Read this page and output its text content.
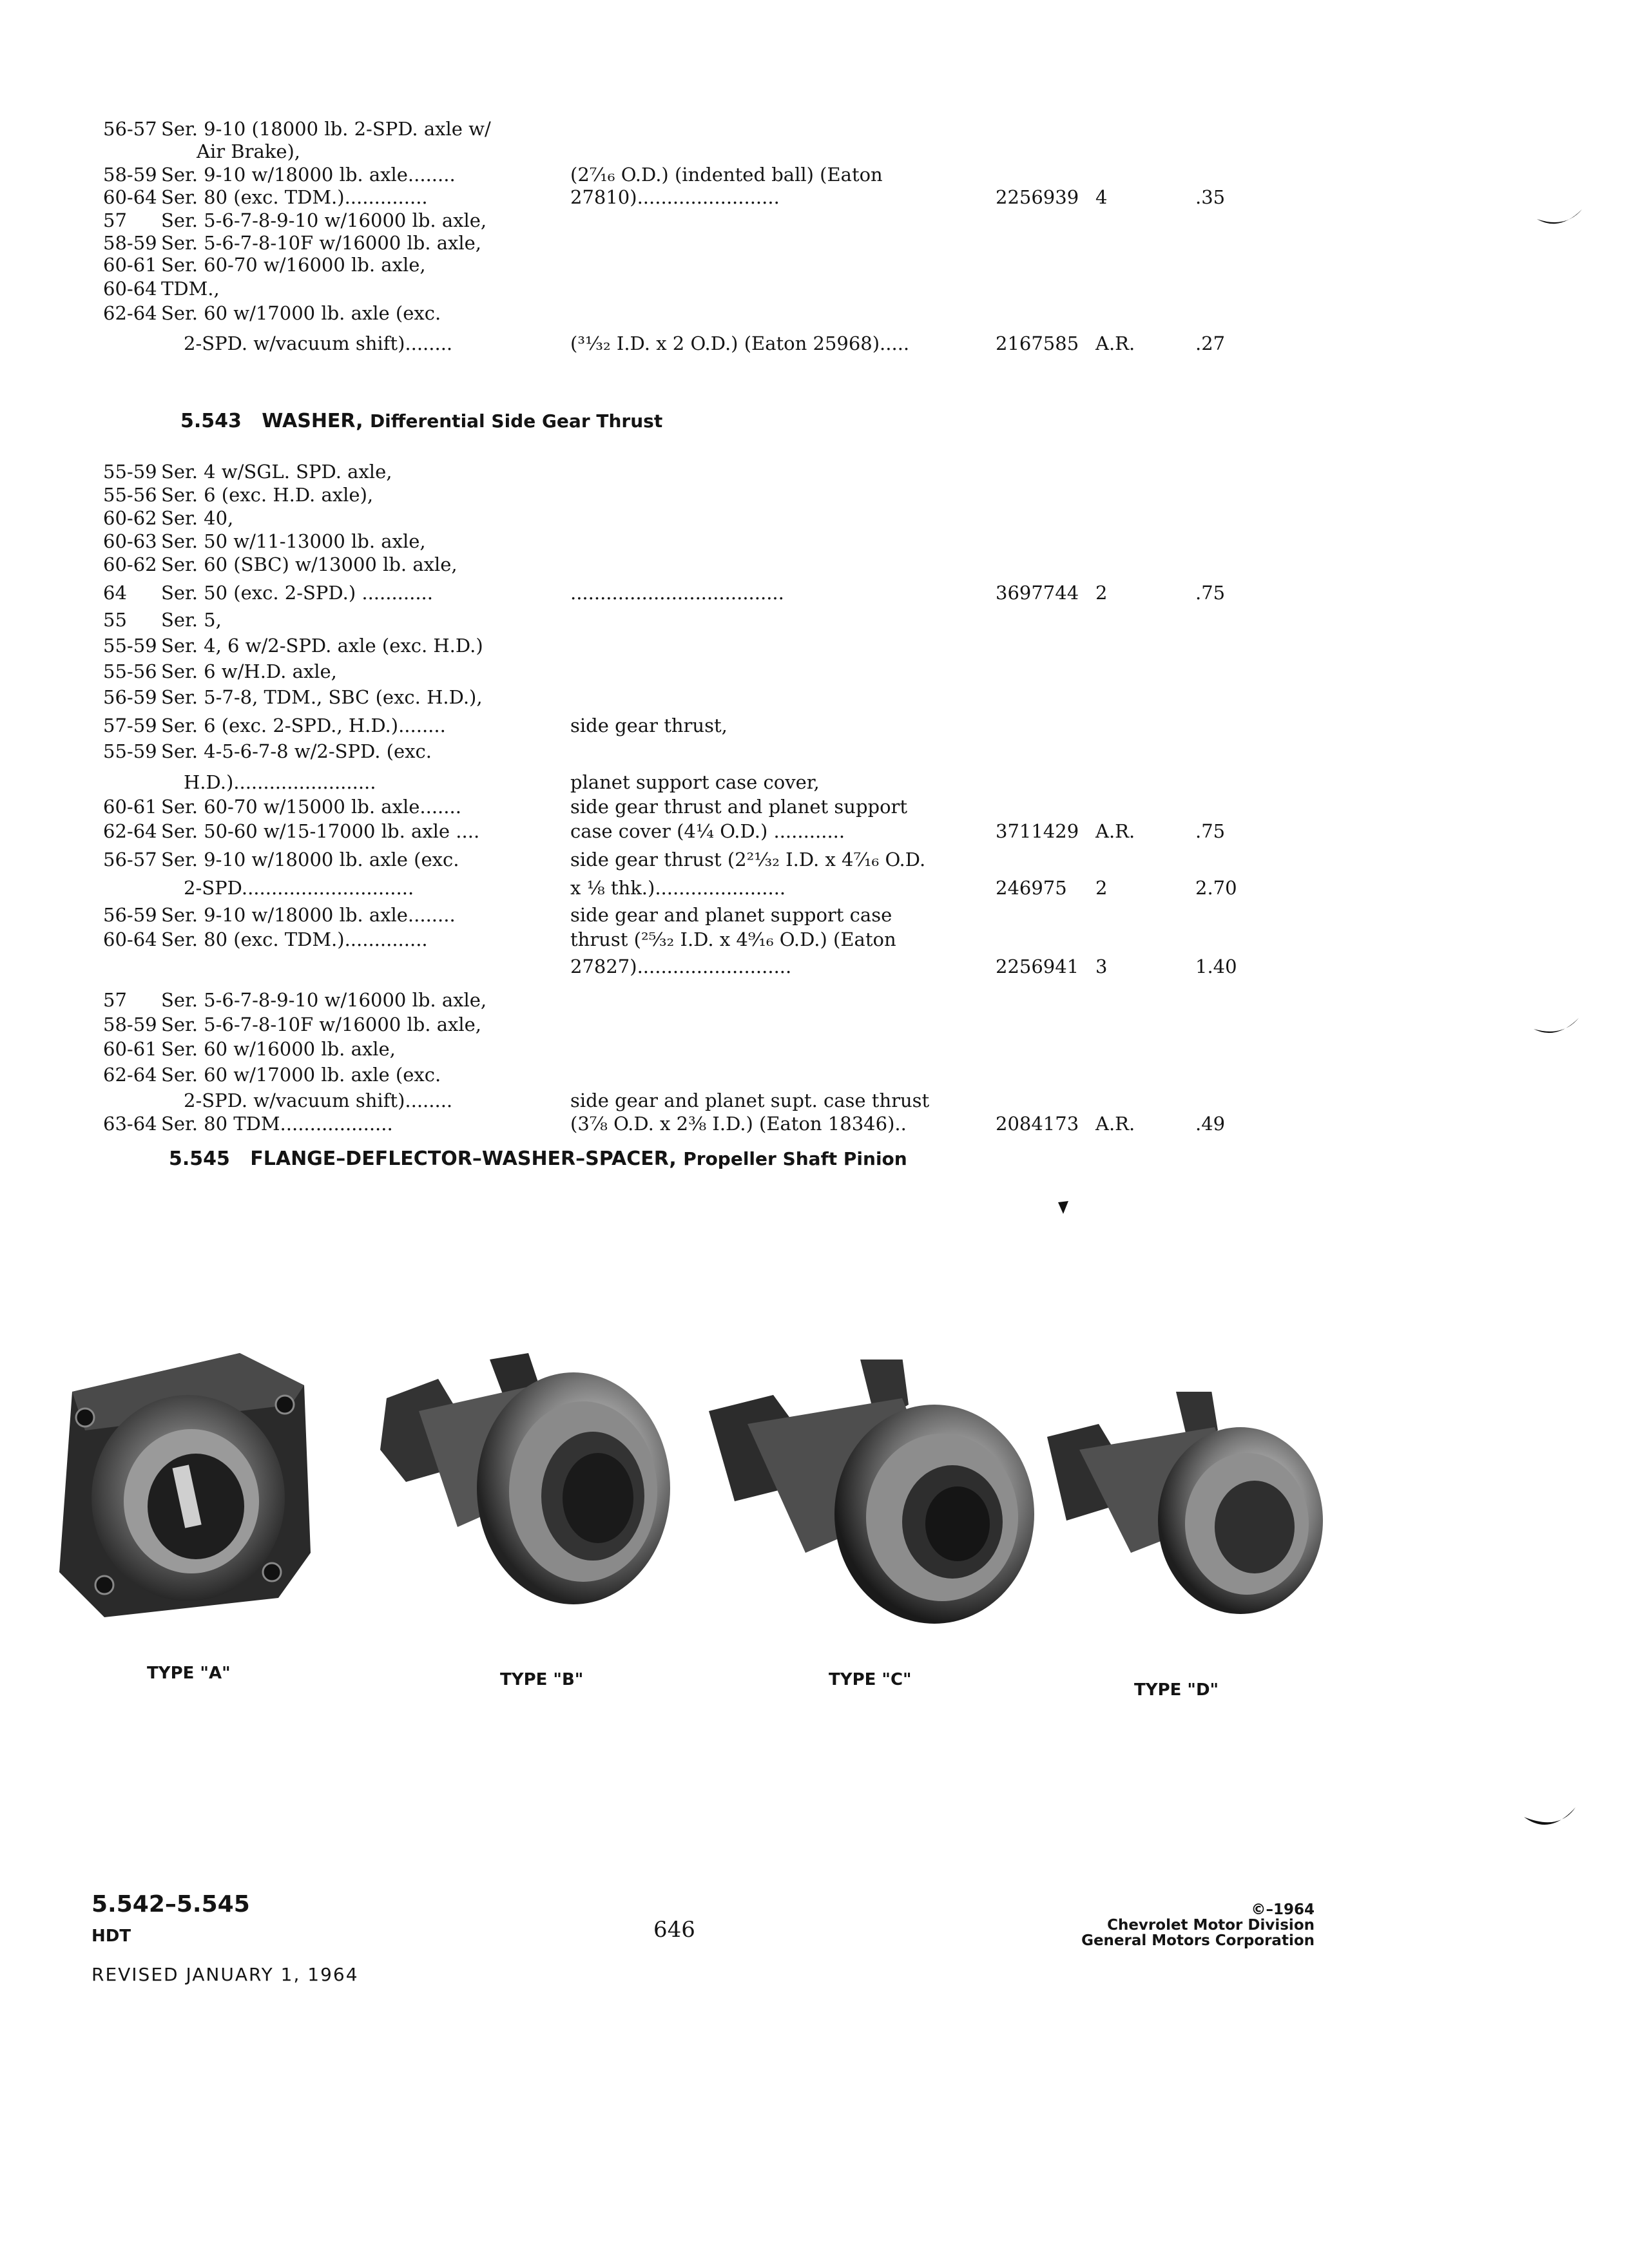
56-57 Ser. 9-10 (18000 lb. 2-SPD. axle w/
Air Brake),
58-59 Ser. 9-10 w/18000 lb. axle........	(2⁷⁄₁₆ O.D.) (indented ball) (Eaton
60-64 Ser. 80 (exc. TDM.)..............	27810)........................	2256939 4	.35
57 Ser. 5-6-7-8-9-10 w/16000 lb. axle,
58-59 Ser. 5-6-7-8-10F w/16000 lb. axle,
60-61 Ser. 60-70 w/16000 lb. axle,
60-64 TDM.,
62-64 Ser. 60 w/17000 lb. axle (exc.
2-SPD. w/vacuum shift)........	(³¹⁄₃₂ I.D. x 2 O.D.) (Eaton 25968).....	2167585 A.R.	.27
5.543 WASHER, Differential Side Gear Thrust
55-59 Ser. 4 w/SGL. SPD. axle,
55-56 Ser. 6 (exc. H.D. axle),
60-62 Ser. 40,
60-63 Ser. 50 w/11-13000 lb. axle,
60-62 Ser. 60 (SBC) w/13000 lb. axle,
64 Ser. 50 (exc. 2-SPD.) ............	....................................	3697744 2	.75
55 Ser. 5,
55-59 Ser. 4, 6 w/2-SPD. axle (exc. H.D.)
55-56 Ser. 6 w/H.D. axle,
56-59 Ser. 5-7-8, TDM., SBC (exc. H.D.),
57-59 Ser. 6 (exc. 2-SPD., H.D.)........	side gear thrust,
55-59 Ser. 4-5-6-7-8 w/2-SPD. (exc.
H.D.)........................	planet support case cover,
60-61 Ser. 60-70 w/15000 lb. axle.......	side gear thrust and planet support
62-64 Ser. 50-60 w/15-17000 lb. axle ....	case cover (4¼ O.D.) ............	3711429 A.R.	.75
56-57 Ser. 9-10 w/18000 lb. axle (exc.	side gear thrust (2²¹⁄₃₂ I.D. x 4⁷⁄₁₆ O.D.
2-SPD.............................	x ⅛ thk.)......................	246975 2	2.70
56-59 Ser. 9-10 w/18000 lb. axle........	side gear and planet support case
60-64 Ser. 80 (exc. TDM.)..............	thrust (²⁵⁄₃₂ I.D. x 4⁹⁄₁₆ O.D.) (Eaton
27827)..........................	2256941 3	1.40
57 Ser. 5-6-7-8-9-10 w/16000 lb. axle,
58-59 Ser. 5-6-7-8-10F w/16000 lb. axle,
60-61 Ser. 60 w/16000 lb. axle,
62-64 Ser. 60 w/17000 lb. axle (exc.
2-SPD. w/vacuum shift)........	side gear and planet supt. case thrust
63-64 Ser. 80 TDM...................	(3⅞ O.D. x 2⅜ I.D.) (Eaton 18346)..	2084173 A.R.	.49
5.545 FLANGE–DEFLECTOR–WASHER–SPACER, Propeller Shaft Pinion
TYPE "A"	TYPE "B"	TYPE "C"
TYPE "D"
5.542–5.545
HDT
REVISED JANUARY 1, 1964
646
©–1964
Chevrolet Motor Division
General Motors Corporation
